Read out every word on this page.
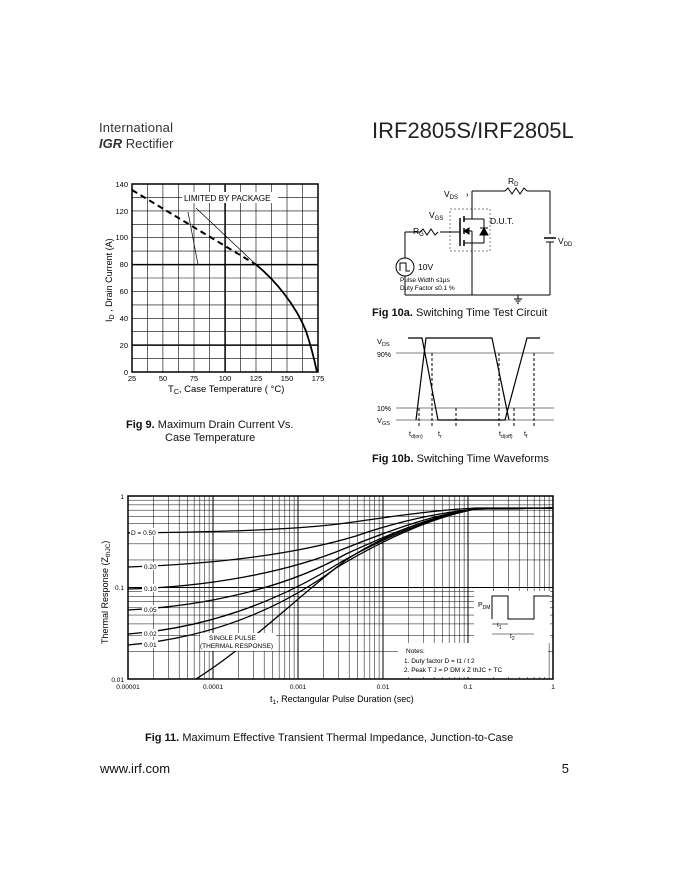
International
IGR Rectifier
IRF2805S/IRF2805L
LIMITED BY PACKAGE
0
20
40
60
80
100
120
140
25	50	75	100 125 150 175
$T_C$, Case Temperature ( °C)
$I_D$ , Drain Current (A)
Fig 9. Maximum Drain Current Vs.
Case Temperature
$V_{DS}$ ›
$R_D$
$V_{GS}$	D.U.T.
$R_G$
$V_{DD}$
10V
Pulse Width ≤1µs
Duty Factor ≤0.1 %
Fig 10a. Switching Time Test Circuit
$V_{DS}$
90%
10%
$V_{GS}$
$t_{d(on)}$ $t_r$	$t_{d(off)}$ $t_f$
Fig 10b. Switching Time Waveforms
D = 0.50
0.20
0.10
0.05
0.02
0.01
SINGLE PULSE
(THERMAL RESPONSE)
Notes:
1. Duty factor D = t1 / t 2
2. Peak T J = P DM x Z thJC + TC
$P_{DM}$
$t_1$
$t_2$
1
0.1
0.01
0.00001	0.0001	0.001	0.01	0.1	1
$t_1$, Rectangular Pulse Duration (sec)
Thermal Response $(Z_{thJC})$
Fig 11. Maximum Effective Transient Thermal Impedance, Junction-to-Case
www.irf.com	5
